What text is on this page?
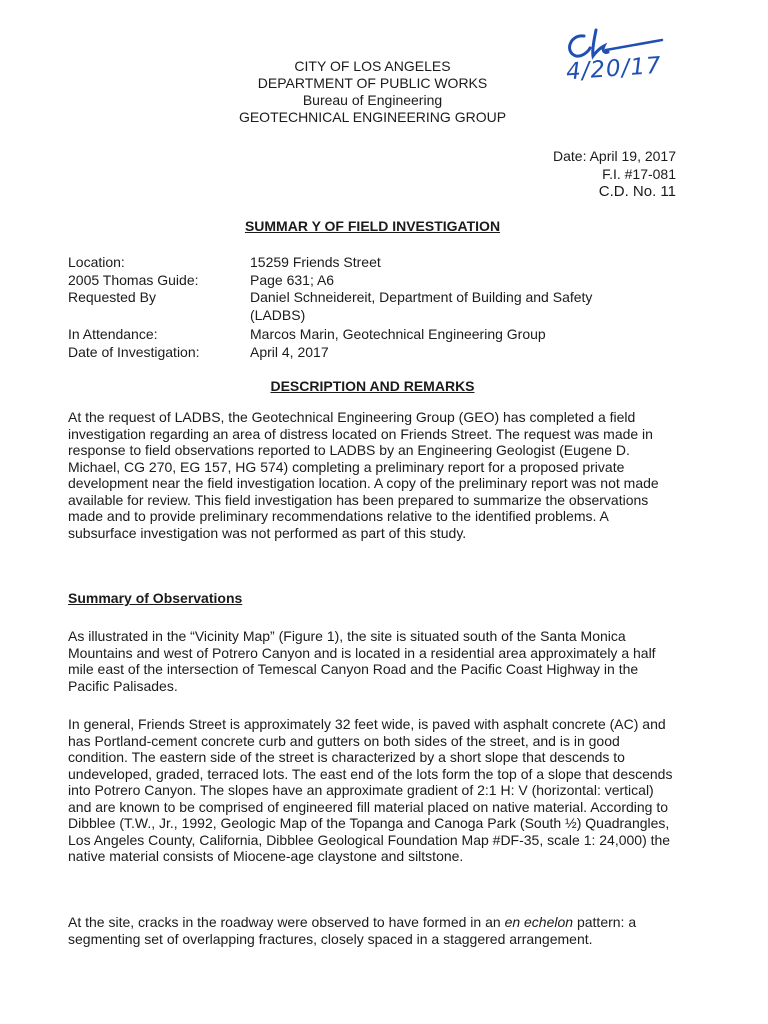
CITY OF LOS ANGELES
DEPARTMENT OF PUBLIC WORKS
Bureau of Engineering
GEOTECHNICAL ENGINEERING GROUP
4/20/17
Date: April 19, 2017
F.I. #17-081
C.D. No. 11
SUMMAR Y OF FIELD INVESTIGATION
Location:	15259 Friends Street
2005 Thomas Guide:	Page 631; A6
Requested By	Daniel Schneidereit, Department of Building and Safety (LADBS)
In Attendance:	Marcos Marin, Geotechnical Engineering Group
Date of Investigation:	April 4, 2017
DESCRIPTION AND REMARKS

At the request of LADBS, the Geotechnical Engineering Group (GEO) has completed a field investigation regarding an area of distress located on Friends Street. The request was made in response to field observations reported to LADBS by an Engineering Geologist (Eugene D. Michael, CG 270, EG 157, HG 574) completing a preliminary report for a proposed private development near the field investigation location. A copy of the preliminary report was not made available for review. This field investigation has been prepared to summarize the observations made and to provide preliminary recommendations relative to the identified problems. A subsurface investigation was not performed as part of this study.

Summary of Observations

As illustrated in the “Vicinity Map” (Figure 1), the site is situated south of the Santa Monica Mountains and west of Potrero Canyon and is located in a residential area approximately a half mile east of the intersection of Temescal Canyon Road and the Pacific Coast Highway in the Pacific Palisades.

In general, Friends Street is approximately 32 feet wide, is paved with asphalt concrete (AC) and has Portland-cement concrete curb and gutters on both sides of the street, and is in good condition. The eastern side of the street is characterized by a short slope that descends to undeveloped, graded, terraced lots. The east end of the lots form the top of a slope that descends into Potrero Canyon. The slopes have an approximate gradient of 2:1 H: V (horizontal: vertical) and are known to be comprised of engineered fill material placed on native material. According to Dibblee (T.W., Jr., 1992, Geologic Map of the Topanga and Canoga Park (South ½) Quadrangles, Los Angeles County, California, Dibblee Geological Foundation Map #DF-35, scale 1: 24,000) the native material consists of Miocene-age claystone and siltstone.

At the site, cracks in the roadway were observed to have formed in an en echelon pattern: a segmenting set of overlapping fractures, closely spaced in a staggered arrangement.
